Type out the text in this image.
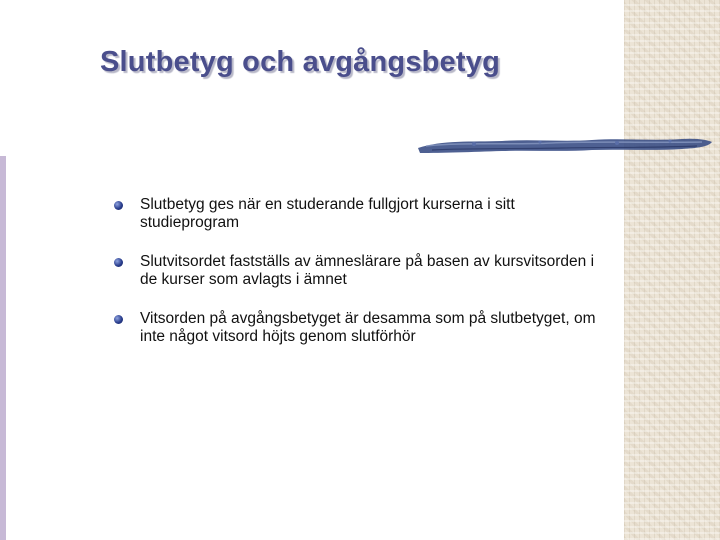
Slutbetyg och avgångsbetyg
Slutbetyg ges när en studerande fullgjort kurserna i sitt studieprogram
Slutvitsordet fastställs av ämneslärare på basen av kursvitsorden i de kurser som avlagts i ämnet
Vitsorden på avgångsbetyget är desamma som på slutbetyget, om inte något vitsord höjts genom slutförhör
